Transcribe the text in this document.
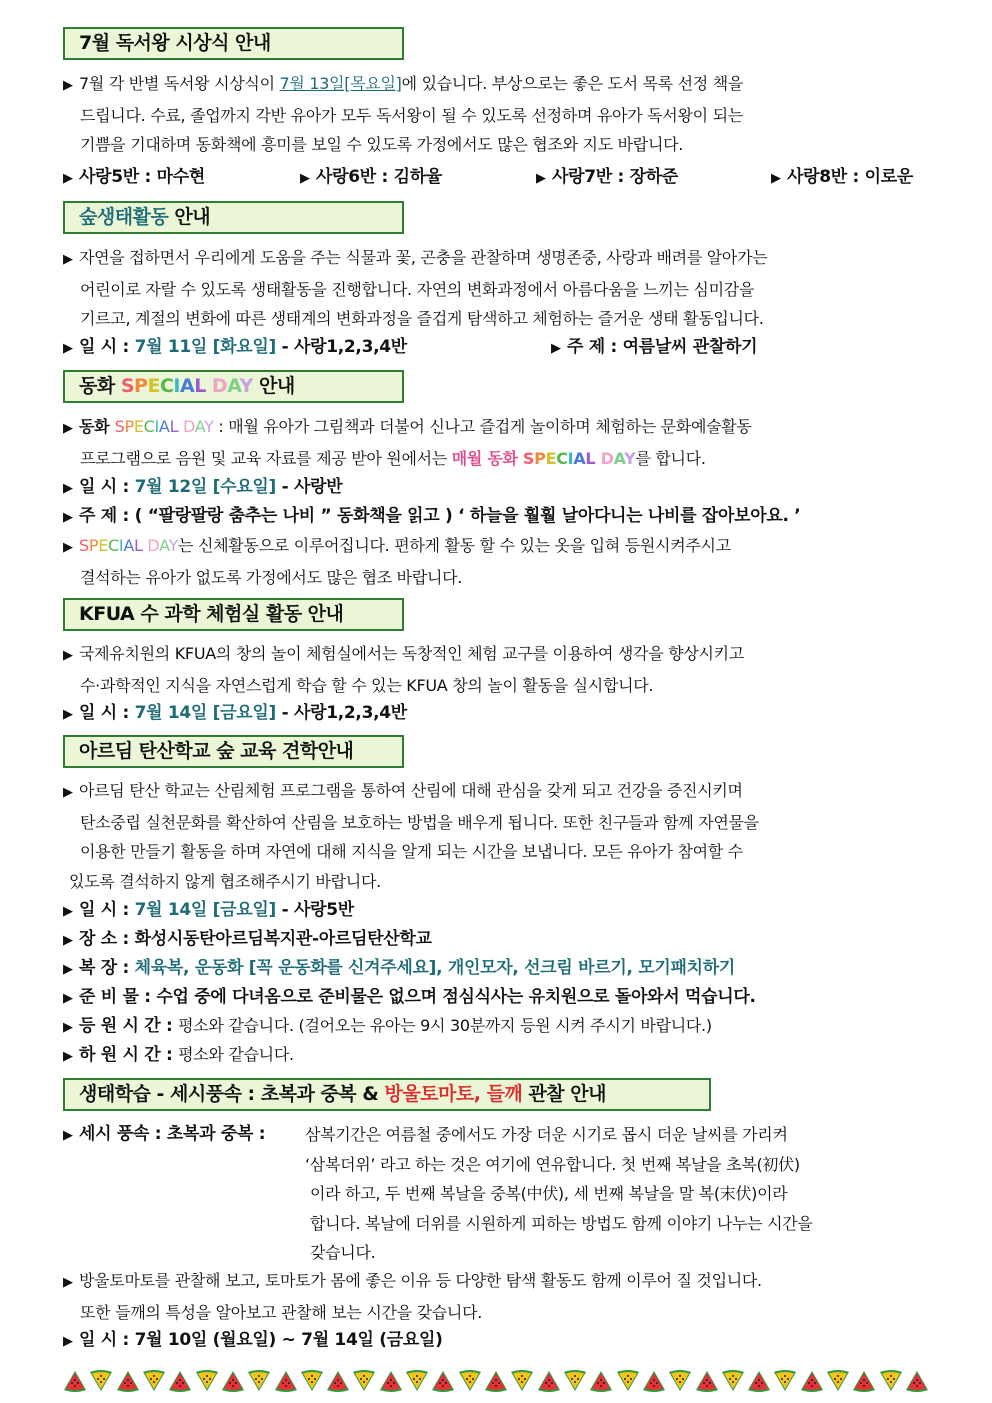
7월 독서왕 시상식 안내
▶ 7월 각 반별 독서왕 시상식이 7월 13일[목요일]에 있습니다. 부상으로는 좋은 도서 목록 선정 책을
드립니다. 수료, 졸업까지 각반 유아가 모두 독서왕이 될 수 있도록 선정하며 유아가 독서왕이 되는
기쁨을 기대하며 동화책에 흥미를 보일 수 있도록 가정에서도 많은 협조와 지도 바랍니다.
▶ 사랑5반 : 마수현	▶ 사랑6반 : 김하율	▶ 사랑7반 : 장하준	▶ 사랑8반 : 이로운
숲생태활동 안내
▶ 자연을 접하면서 우리에게 도움을 주는 식물과 꽃, 곤충을 관찰하며 생명존중, 사랑과 배려를 알아가는
어린이로 자랄 수 있도록 생태활동을 진행합니다. 자연의 변화과정에서 아름다움을 느끼는 심미감을
기르고, 계절의 변화에 따른 생태계의 변화과정을 즐겁게 탐색하고 체험하는 즐거운 생태 활동입니다.
▶ 일 시 : 7월 11일 [화요일] - 사랑1,2,3,4반	▶ 주 제 : 여름날씨 관찰하기
동화 SPECIAL DAY 안내
▶ 동화 SPECIAL DAY : 매월 유아가 그림책과 더불어 신나고 즐겁게 놀이하며 체험하는 문화예술활동
프로그램으로 음원 및 교육 자료를 제공 받아 원에서는 매월 동화 SPECIAL DAY를 합니다.
▶ 일 시 : 7월 12일 [수요일] - 사랑반
▶ 주 제 : ( “팔랑팔랑 춤추는 나비 ” 동화책을 읽고 ) ‘ 하늘을 훨훨 날아다니는 나비를 잡아보아요. ’
▶ SPECIAL DAY는 신체활동으로 이루어집니다. 편하게 활동 할 수 있는 옷을 입혀 등원시켜주시고
결석하는 유아가 없도록 가정에서도 많은 협조 바랍니다.
KFUA 수 과학 체험실 활동 안내
▶ 국제유치원의 KFUA의 창의 놀이 체험실에서는 독창적인 체험 교구를 이용하여 생각을 향상시키고
수·과학적인 지식을 자연스럽게 학습 할 수 있는 KFUA 창의 놀이 활동을 실시합니다.
▶ 일 시 : 7월 14일 [금요일] - 사랑1,2,3,4반
아르딤 탄산학교 숲 교육 견학안내
▶ 아르딤 탄산 학교는 산림체험 프로그램을 통하여 산림에 대해 관심을 갖게 되고 건강을 증진시키며
탄소중립 실천문화를 확산하여 산림을 보호하는 방법을 배우게 됩니다. 또한 친구들과 함께 자연물을
이용한 만들기 활동을 하며 자연에 대해 지식을 알게 되는 시간을 보냅니다. 모든 유아가 참여할 수
있도록 결석하지 않게 협조해주시기 바랍니다.
▶ 일 시 : 7월 14일 [금요일] - 사랑5반
▶ 장 소 : 화성시동탄아르딤복지관-아르딤탄산학교
▶ 복 장 : 체육복, 운동화 [꼭 운동화를 신겨주세요], 개인모자, 선크림 바르기, 모기패치하기
▶ 준 비 물 : 수업 중에 다녀옴으로 준비물은 없으며 점심식사는 유치원으로 돌아와서 먹습니다.
▶ 등 원 시 간 : 평소와 같습니다. (걸어오는 유아는 9시 30분까지 등원 시켜 주시기 바랍니다.)
▶ 하 원 시 간 : 평소와 같습니다.
생태학습 - 세시풍속 : 초복과 중복 & 방울토마토, 들깨 관찰 안내
▶ 세시 풍속 : 초복과 중복 :	삼복기간은 여름철 중에서도 가장 더운 시기로 몹시 더운 날씨를 가리켜
‘삼복더위’ 라고 하는 것은 여기에 연유합니다. 첫 번째 복날을 초복(初伏)
이라 하고, 두 번째 복날을 중복(中伏), 세 번째 복날을 말 복(末伏)이라
합니다. 복날에 더위를 시원하게 피하는 방법도 함께 이야기 나누는 시간을
갖습니다.
▶ 방울토마토를 관찰해 보고, 토마토가 몸에 좋은 이유 등 다양한 탐색 활동도 함께 이루어 질 것입니다.
또한 들깨의 특성을 알아보고 관찰해 보는 시간을 갖습니다.
▶ 일 시 : 7월 10일 (월요일) ~ 7월 14일 (금요일)
